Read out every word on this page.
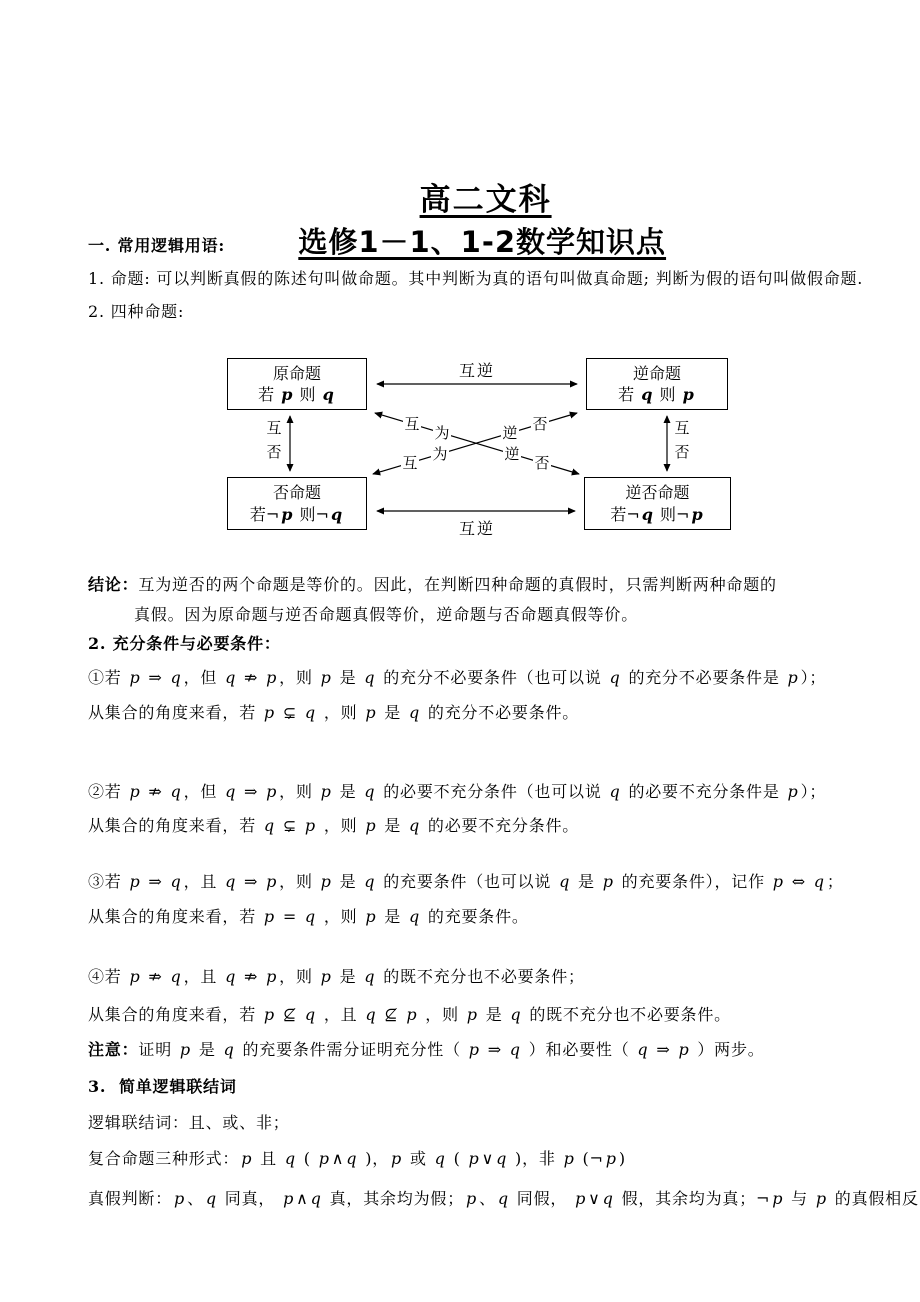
高二文科

选修1－1、1-2数学知识点

一. 常用逻辑用语:
1. 命题: 可以判断真假的陈述句叫做命题。其中判断为真的语句叫做真命题; 判断为假的语句叫做假命题.
2. 四种命题:
原命题
若 p 则 q
逆命题
若 q 则 p
否命题
若¬ p 则¬ q
逆否命题
若¬ q 则¬ p
互逆
互逆
互
否
互
否
互 为
逆 否
互 为
逆 否
结论：互为逆否的两个命题是等价的。因此，在判断四种命题的真假时，只需判断两种命题的
真假。因为原命题与逆否命题真假等价，逆命题与否命题真假等价。
2. 充分条件与必要条件：
①若 p ⇒ q ，但 q ⇏ p ，则 p 是 q 的充分不必要条件（也可以说 q 的充分不必要条件是 p ）；
从集合的角度来看，若 p ⊊ q ，则 p 是 q 的充分不必要条件。
②若 p ⇏ q ，但 q ⇒ p ，则 p 是 q 的必要不充分条件（也可以说 q 的必要不充分条件是 p ）；
从集合的角度来看，若 q ⊊ p ，则 p 是 q 的必要不充分条件。
③若 p ⇒ q ，且 q ⇒ p ，则 p 是 q 的充要条件（也可以说 q 是 p 的充要条件），记作 p ⇔ q ；
从集合的角度来看，若 p = q ，则 p 是 q 的充要条件。
④若 p ⇏ q ，且 q ⇏ p ，则 p 是 q 的既不充分也不必要条件；
从集合的角度来看，若 p ⊈ q ，且 q ⊈ p ，则 p 是 q 的既不充分也不必要条件。
注意：证明 p 是 q 的充要条件需分证明充分性（ p ⇒ q ）和必要性（ q ⇒ p ）两步。
3.  简单逻辑联结词
逻辑联结词：且、或、非；
复合命题三种形式： p 且 q ( p ∧ q )， p 或 q ( p ∨ q )，非 p (¬ p )
真假判断： p 、 q 同真， p ∧ q 真，其余均为假； p 、 q 同假， p ∨ q 假，其余均为真；¬ p 与 p 的真假相反
